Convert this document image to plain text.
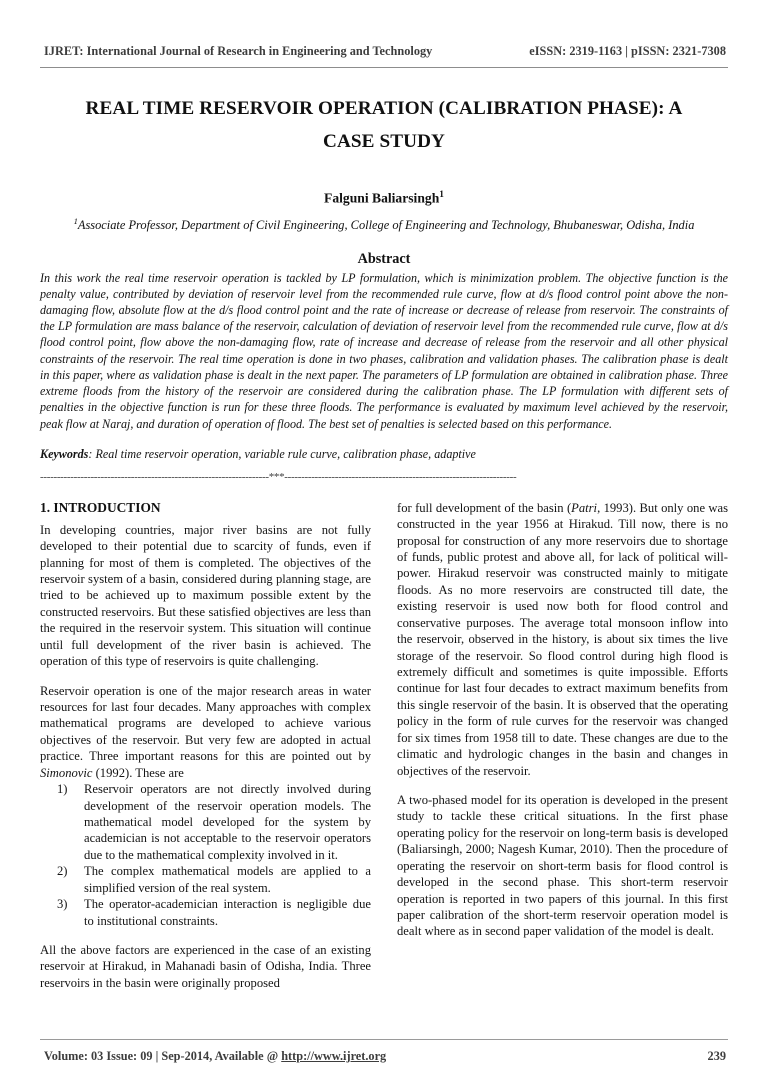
IJRET: International Journal of Research in Engineering and Technology	eISSN: 2319-1163 | pISSN: 2321-7308
REAL TIME RESERVOIR OPERATION (CALIBRATION PHASE): A CASE STUDY
Falguni Baliarsingh$^1$
$^1$Associate Professor, Department of Civil Engineering, College of Engineering and Technology, Bhubaneswar, Odisha, India
Abstract
In this work the real time reservoir operation is tackled by LP formulation, which is minimization problem. The objective function is the penalty value, contributed by deviation of reservoir level from the recommended rule curve, flow at d/s flood control point above the non-damaging flow, absolute flow at the d/s flood control point and the rate of increase or decrease of release from reservoir. The constraints of the LP formulation are mass balance of the reservoir, calculation of deviation of reservoir level from the recommended rule curve, flow at d/s flood control point, flow above the non-damaging flow, rate of increase and decrease of release from the reservoir and all other physical constraints of the reservoir. The real time operation is done in two phases, calibration and validation phases. The calibration phase is dealt in this paper, where as validation phase is dealt in the next paper. The parameters of LP formulation are obtained in calibration phase. Three extreme floods from the history of the reservoir are considered during the calibration phase. The LP formulation with different sets of penalties in the objective function is run for these three floods. The performance is evaluated by maximum level achieved by the reservoir, peak flow at Naraj, and duration of operation of flood. The best set of penalties is selected based on this performance.
Keywords: Real time reservoir operation, variable rule curve, calibration phase, adaptive
--------------------------------------------------------------------***---------------------------------------------------------------------
1. INTRODUCTION

In developing countries, major river basins are not fully developed to their potential due to scarcity of funds, even if planning for most of them is completed. The objectives of the reservoir system of a basin, considered during planning stage, are tried to be achieved up to maximum possible extent by the constructed reservoirs. But these satisfied objectives are less than the required in the reservoir system. This situation will continue until full development of the river basin is achieved. The operation of this type of reservoirs is quite challenging.

Reservoir operation is one of the major research areas in water resources for last four decades. Many approaches with complex mathematical programs are developed to achieve various objectives of the reservoir. But very few are adopted in actual practice. Three important reasons for this are pointed out by Simonovic (1992). These are

1) Reservoir operators are not directly involved during development of the reservoir operation models. The mathematical model developed for the system by academician is not acceptable to the reservoir operators due to the mathematical complexity involved in it.
2) The complex mathematical models are applied to a simplified version of the real system.
3) The operator-academician interaction is negligible due to institutional constraints.

All the above factors are experienced in the case of an existing reservoir at Hirakud, in Mahanadi basin of Odisha, India. Three reservoirs in the basin were originally proposed

for full development of the basin (Patri, 1993). But only one was constructed in the year 1956 at Hirakud. Till now, there is no proposal for construction of any more reservoirs due to shortage of funds, public protest and above all, for lack of political will-power. Hirakud reservoir was constructed mainly to mitigate floods. As no more reservoirs are constructed till date, the existing reservoir is used now both for flood control and conservative purposes. The average total monsoon inflow into the reservoir, observed in the history, is about six times the live storage of the reservoir. So flood control during high flood is extremely difficult and sometimes is quite impossible. Efforts continue for last four decades to extract maximum benefits from this single reservoir of the basin. It is observed that the operating policy in the form of rule curves for the reservoir was changed for six times from 1958 till to date. These changes are due to the climatic and hydrologic changes in the basin and changes in objectives of the reservoir.

A two-phased model for its operation is developed in the present study to tackle these critical situations. In the first phase operating policy for the reservoir on long-term basis is developed (Baliarsingh, 2000; Nagesh Kumar, 2010). Then the procedure of operating the reservoir on short-term basis for flood control is developed in the second phase. This short-term reservoir operation is reported in two papers of this journal. In this first paper calibration of the short-term reservoir operation model is dealt where as in second paper validation of the model is dealt.

Volume: 03 Issue: 09 | Sep-2014, Available @ http://www.ijret.org	239
